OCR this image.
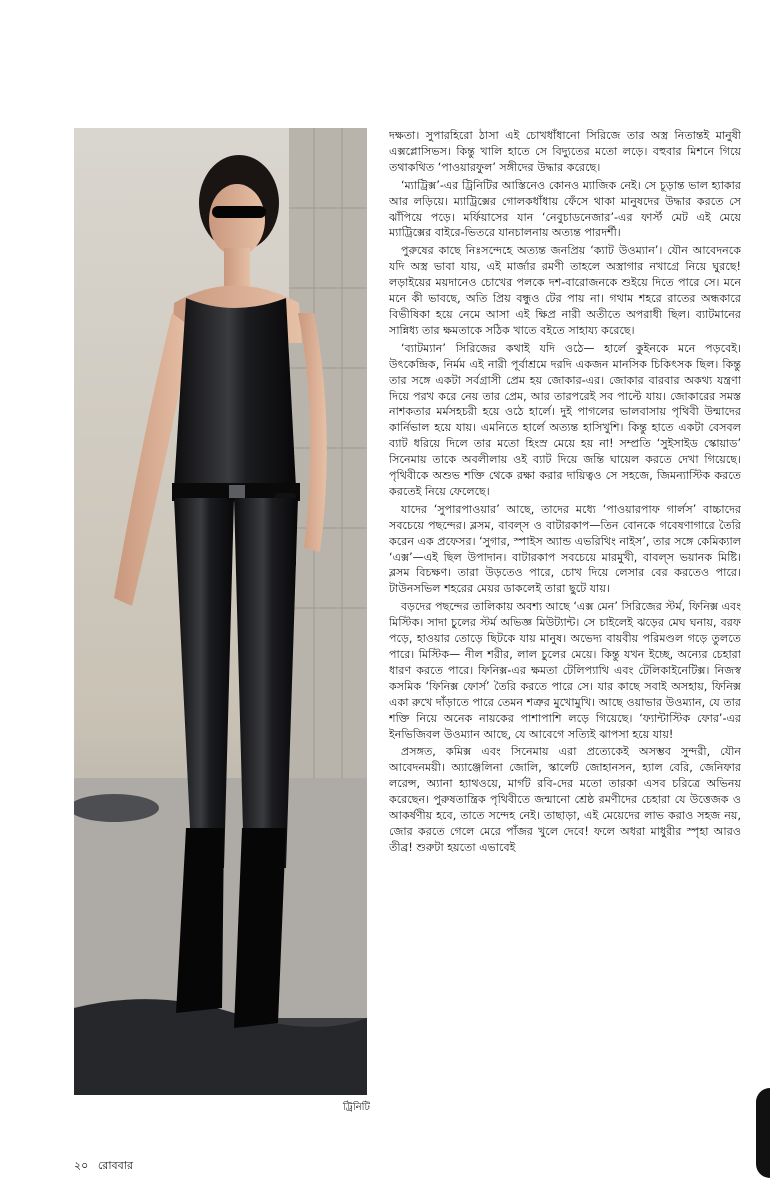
ট্রিনিটি

দক্ষতা। সুপারহিরো ঠাসা এই চোখধাঁধানো সিরিজে তার অস্ত্র নিতান্তই মানুষী এক্সপ্লোসিভস। কিন্তু খালি হাতে সে বিদ্যুতের মতো লড়ে। বহুবার মিশনে গিয়ে তথাকথিত ‘পাওয়ারফুল’ সঙ্গীদের উদ্ধার করেছে।

‘ম্যাট্রিক্স’-এর ট্রিনিটির আস্তিনেও কোনও ম্যাজিক নেই। সে চূড়ান্ত ভাল হ্যাকার আর লড়িয়ে। ম্যাট্রিক্সের গোলকধাঁধায় ফেঁসে থাকা মানুষদের উদ্ধার করতে সে ঝাঁপিয়ে পড়ে। মর্ফিয়াসের যান ‘নেবুচাডনেজার’-এর ফার্স্ট মেট এই মেয়ে ম্যাট্রিক্সের বাইরে-ভিতরে যানচালনায় অত্যন্ত পারদর্শী।

পুরুষের কাছে নিঃসন্দেহে অত্যন্ত জনপ্রিয় ‘ক্যাট উওম্যান’। যৌন আবেদনকে যদি অস্ত্র ভাবা যায়, এই মার্জার রমণী তাহলে অস্ত্রাগার নখাগ্রে নিয়ে ঘুরছে! লড়াইয়ের ময়দানেও চোখের পলকে দশ-বারোজনকে শুইয়ে দিতে পারে সে। মনে মনে কী ভাবছে, অতি প্রিয় বন্ধুও টের পায় না। গথাম শহরে রাতের অন্ধকারে বিভীষিকা হয়ে নেমে আসা এই ক্ষিপ্র নারী অতীতে অপরাধী ছিল। ব্যাটমানের সান্নিধ্য তার ক্ষমতাকে সঠিক খাতে বইতে সাহায্য করেছে।

‘ব্যাটম্যান’ সিরিজের কথাই যদি ওঠে— হার্লে কুইনকে মনে পড়বেই। উৎকেন্দ্রিক, নির্মম এই নারী পূর্বাশ্রমে দরদি একজন মানসিক চিকিৎসক ছিল। কিন্তু তার সঙ্গে একটা সর্বগ্রাসী প্রেম হয় জোকার-এর। জোকার বারবার অকথ্য যন্ত্রণা দিয়ে পরখ করে নেয় তার প্রেম, আর তারপরেই সব পাল্টে যায়। জোকারের সমস্ত নাশকতার মর্মসহচরী হয়ে ওঠে হার্লে। দুই পাগলের ভালবাসায় পৃথিবী উন্মাদের কার্নিভাল হয়ে যায়। এমনিতে হার্লে অত্যন্ত হাসিখুশি। কিন্তু হাতে একটা বেসবল ব্যাট ধরিয়ে দিলে তার মতো হিংস্র মেয়ে হয় না! সম্প্রতি ‘সুইসাইড স্কোয়াড’ সিনেমায় তাকে অবলীলায় ওই ব্যাট দিয়ে জন্তি ঘায়েল করতে দেখা গিয়েছে। পৃথিবীকে অশুভ শক্তি থেকে রক্ষা করার দায়িত্বও সে সহজে, জিমন্যাস্টিক করতে করতেই নিয়ে ফেলেছে।

যাদের ‘সুপারপাওয়ার’ আছে, তাদের মধ্যে ‘পাওয়ারপাফ গার্লস’ বাচ্চাদের সবচেয়ে পছন্দের। ব্লসম, বাবল্‌স ও বাটারকাপ—তিন বোনকে গবেষণাগারে তৈরি করেন এক প্রফেসর। ‘সুগার, স্পাইস অ্যান্ড এভরিথিং নাইস’, তার সঙ্গে কেমিক্যাল ‘এক্স’—এই ছিল উপাদান। বাটারকাপ সবচেয়ে মারমুখী, বাবল্‌স ভয়ানক মিষ্টি। ব্লসম বিচক্ষণ। তারা উড়তেও পারে, চোখ দিয়ে লেসার বের করতেও পারে। টাউনসভিল শহরের মেয়র ডাকলেই তারা ছুটে যায়।

বড়দের পছন্দের তালিকায় অবশ্য আছে ‘এক্স মেন’ সিরিজের স্টর্ম, ফিনিক্স এবং মিস্টিক। সাদা চুলের স্টর্ম অভিজ্ঞ মিউট্যান্ট। সে চাইলেই ঝড়ের মেঘ ঘনায়, বরফ পড়ে, হাওয়ার তোড়ে ছিটকে যায় মানুষ। অভেদ্য বায়বীয় পরিমণ্ডল গড়ে তুলতে পারে। মিস্টিক— নীল শরীর, লাল চুলের মেয়ে। কিন্তু যখন ইচ্ছে, অন্যের চেহারা ধারণ করতে পারে। ফিনিক্স-এর ক্ষমতা টেলিপ্যাথি এবং টেলিকাইনেটিক্স। নিজস্ব কসমিক ‘ফিনিক্স ফোর্স’ তৈরি করতে পারে সে। যার কাছে সবাই অসহায়, ফিনিক্স একা রুখে দাঁড়াতে পারে তেমন শত্রুর মুখোমুখি। আছে ওয়াভার উওম্যান, যে তার শক্তি নিয়ে অনেক নায়কের পাশাপাশি লড়ে গিয়েছে। ‘ফ্যান্টাস্টিক ফোর’-এর ইনভিজিবল উওম্যান আছে, যে আবেগে সত্যিই ঝাপসা হয়ে যায়!

প্রসঙ্গত, কমিক্স এবং সিনেমায় এরা প্রত্যেকেই অসম্ভব সুন্দরী, যৌন আবেদনময়ী। অ্যাঞ্জেলিনা জোলি, স্কার্লেট জোহানসন, হ্যাল বেরি, জেনিফার লরেন্স, অ্যানা হ্যাথওয়ে, মার্গট রবি-দের মতো তারকা এসব চরিত্রে অভিনয় করেছেন। পুরুষতান্ত্রিক পৃথিবীতে জন্মানো শ্রেষ্ঠ রমণীদের চেহারা যে উত্তেজক ও আকর্ষণীয় হবে, তাতে সন্দেহ নেই। তাছাড়া, এই মেয়েদের লাভ করাও সহজ নয়, জোর করতে গেলে মেরে পাঁজর খুলে দেবে! ফলে অধরা মাধুরীর স্পৃহা আরও তীব্র! শুরুটা হয়তো এভাবেই

২০ রোববার
